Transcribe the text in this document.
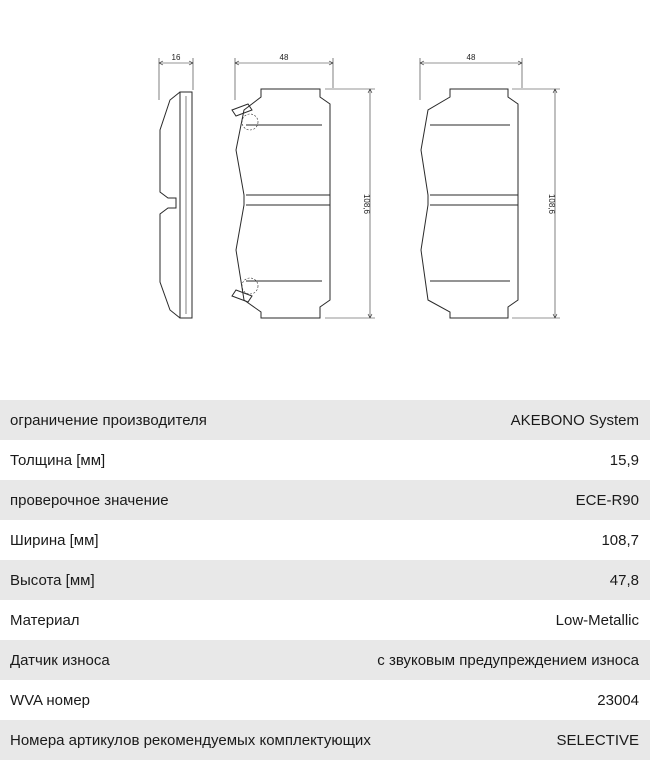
16	48
108,6
48
108,6
ограничение производителя	AKEBONO System
Толщина [мм]	15,9
проверочное значение	ECE-R90
Ширина [мм]	108,7
Высота [мм]	47,8
Материал	Low-Metallic
Датчик износа	с звуковым предупреждением износа
WVA номер	23004
Номера артикулов рекомендуемых комплектующих	SELECTIVE
